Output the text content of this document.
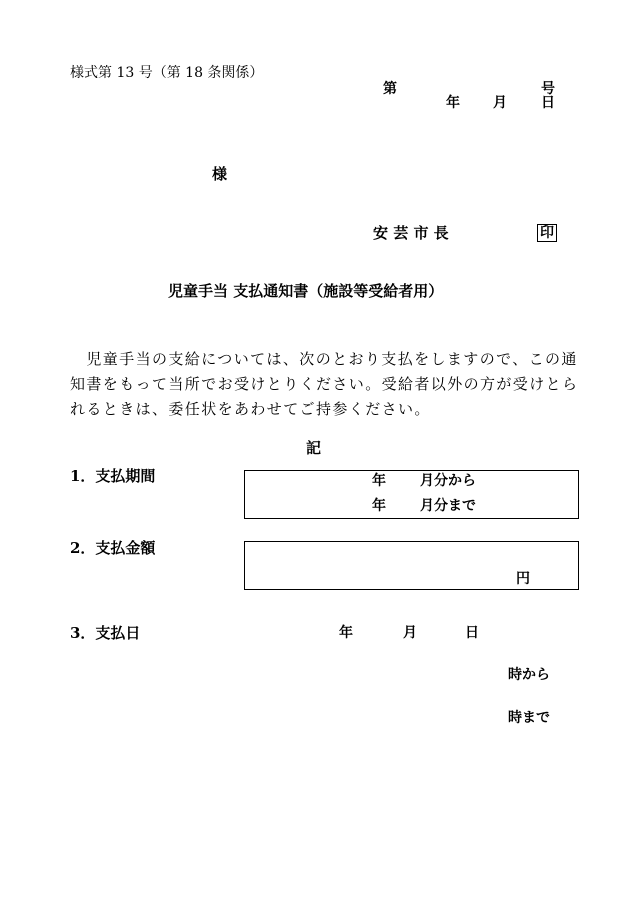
様式第 13 号（第 18 条関係）
第	号
年 月 日
様
安 芸 市 長	印
児童手当 支払通知書（施設等受給者用）
　児童手当の支給については、次のとおり支払をしますので、この通
知書をもって当所でお受けとりください。受給者以外の方が受けとら
れるときは、委任状をあわせてご持参ください。
記
1．支払期間	年 月分から
年 月分まで
2．支払金額
円
3．支払日	年	月	日
時から
時まで
